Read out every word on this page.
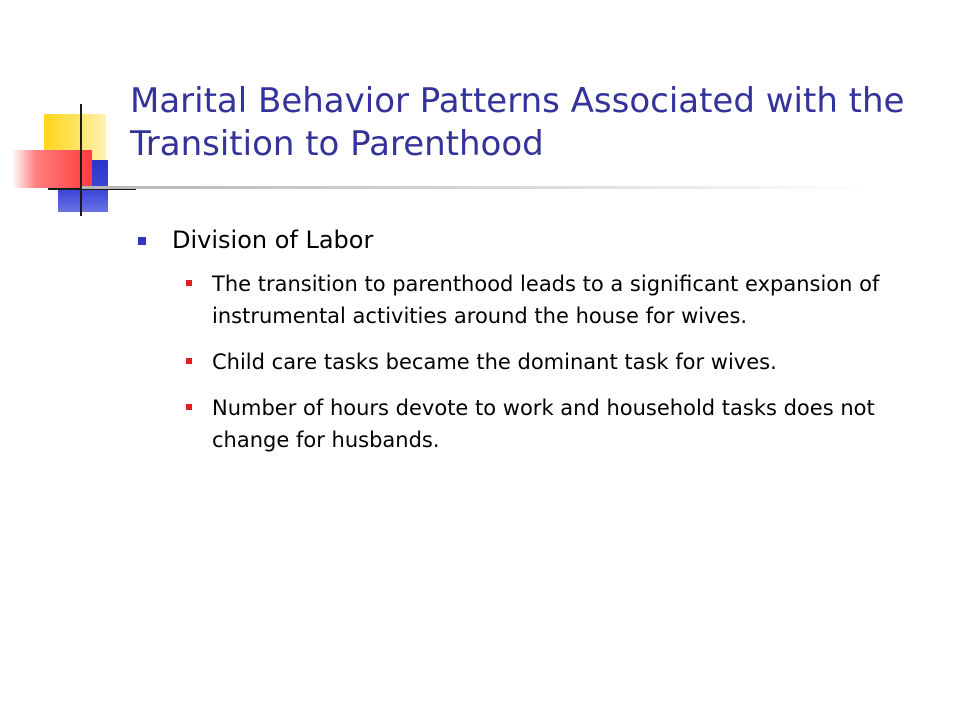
Marital Behavior Patterns Associated with the Transition to Parenthood
Division of Labor
The transition to parenthood leads to a significant expansion of instrumental activities around the house for wives.
Child care tasks became the dominant task for wives.
Number of hours devote to work and household tasks does not change for husbands.
